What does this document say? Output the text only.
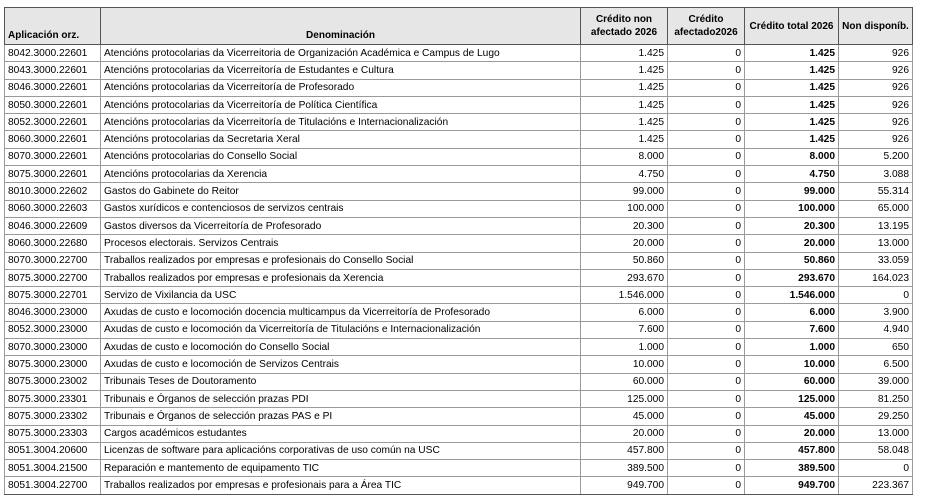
Aplicación orz.	Denominación	Crédito non afectado 2026	Crédito afectado2026	Crédito total 2026	Non disponíb.
8042.3000.22601	Atencións protocolarias da Vicerreitoria de Organización Académica e Campus de Lugo	1.425	0	1.425	926
8043.3000.22601	Atencións protocolarias da Vicerreitoría de Estudantes e Cultura	1.425	0	1.425	926
8046.3000.22601	Atencións protocolarias da Vicerreitoría de Profesorado	1.425	0	1.425	926
8050.3000.22601	Atencións protocolarias da Vicerreitoría de Política Científica	1.425	0	1.425	926
8052.3000.22601	Atencións protocolarias da Vicerreitoría de Titulacións e Internacionalización	1.425	0	1.425	926
8060.3000.22601	Atencións protocolarias da Secretaria Xeral	1.425	0	1.425	926
8070.3000.22601	Atencións protocolarias do Consello Social	8.000	0	8.000	5.200
8075.3000.22601	Atencións protocolarias da Xerencia	4.750	0	4.750	3.088
8010.3000.22602	Gastos do Gabinete do Reitor	99.000	0	99.000	55.314
8060.3000.22603	Gastos xurídicos e contenciosos de servizos centrais	100.000	0	100.000	65.000
8046.3000.22609	Gastos diversos da Vicerreitoría de Profesorado	20.300	0	20.300	13.195
8060.3000.22680	Procesos electorais. Servizos Centrais	20.000	0	20.000	13.000
8070.3000.22700	Traballos realizados por empresas e profesionais do Consello Social	50.860	0	50.860	33.059
8075.3000.22700	Traballos realizados por empresas e profesionais da Xerencia	293.670	0	293.670	164.023
8075.3000.22701	Servizo de Vixilancia da USC	1.546.000	0	1.546.000	0
8046.3000.23000	Axudas de custo e locomoción docencia multicampus da Vicerreitoría de Profesorado	6.000	0	6.000	3.900
8052.3000.23000	Axudas de custo e locomoción da Vicerreitoría de Titulacións e Internacionalización	7.600	0	7.600	4.940
8070.3000.23000	Axudas de custo e locomoción do Consello Social	1.000	0	1.000	650
8075.3000.23000	Axudas de custo e locomoción de Servizos Centrais	10.000	0	10.000	6.500
8075.3000.23002	Tribunais Teses de Doutoramento	60.000	0	60.000	39.000
8075.3000.23301	Tribunais e Órganos de selección prazas PDI	125.000	0	125.000	81.250
8075.3000.23302	Tribunais e Órganos de selección prazas PAS e PI	45.000	0	45.000	29.250
8075.3000.23303	Cargos académicos estudantes	20.000	0	20.000	13.000
8051.3004.20600	Licenzas de software para aplicacións corporativas de uso común na USC	457.800	0	457.800	58.048
8051.3004.21500	Reparación e mantemento de equipamento TIC	389.500	0	389.500	0
8051.3004.22700	Traballos realizados por empresas e profesionais para a Área TIC	949.700	0	949.700	223.367
